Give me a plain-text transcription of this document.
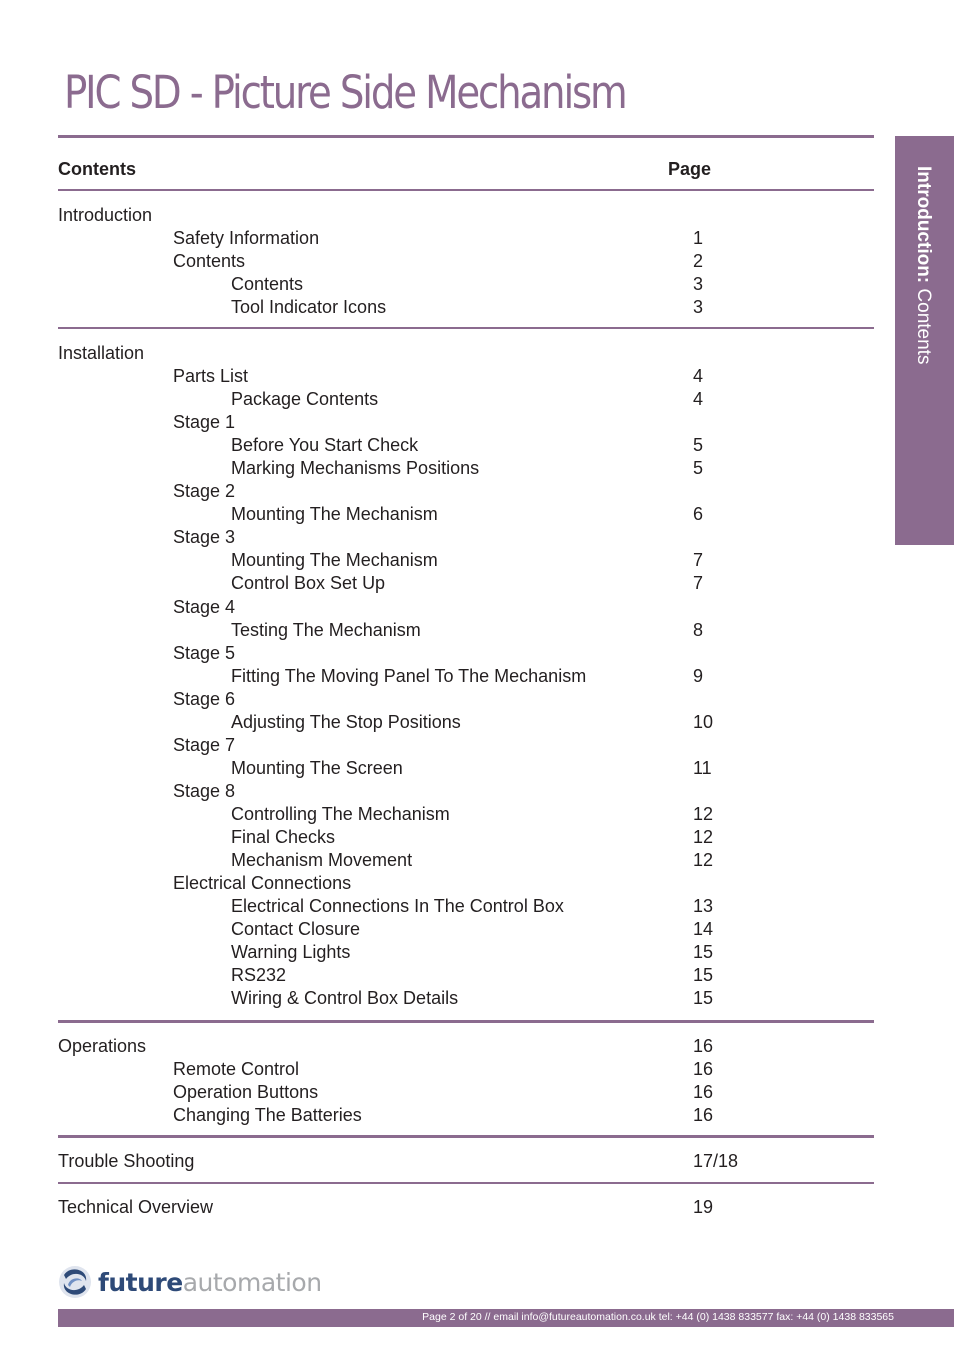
PIC SD - Picture Side Mechanism
Contents	Page
Introduction
Safety Information	1
Contents	2
Contents	3
Tool Indicator Icons	3
Installation
Parts List	4
Package Contents	4
Stage 1
Before You Start Check	5
Marking Mechanisms Positions	5
Stage 2
Mounting The Mechanism	6
Stage 3
Mounting The Mechanism	7
Control Box Set Up	7
Stage 4
Testing The Mechanism	8
Stage 5
Fitting The Moving Panel To The Mechanism	9
Stage 6
Adjusting The Stop Positions	10
Stage 7
Mounting The Screen	11
Stage 8
Controlling The Mechanism	12
Final Checks	12
Mechanism Movement	12
Electrical Connections
Electrical Connections In The Control Box	13
Contact Closure	14
Warning Lights	15
RS232	15
Wiring & Control Box Details	15
Operations	16
Remote Control	16
Operation Buttons	16
Changing The Batteries	16
Trouble Shooting	17/18
Technical Overview	19
Introduction: Contents
futureautomation
Page 2 of 20 // email info@futureautomation.co.uk tel: +44 (0) 1438 833577 fax: +44 (0) 1438 833565
